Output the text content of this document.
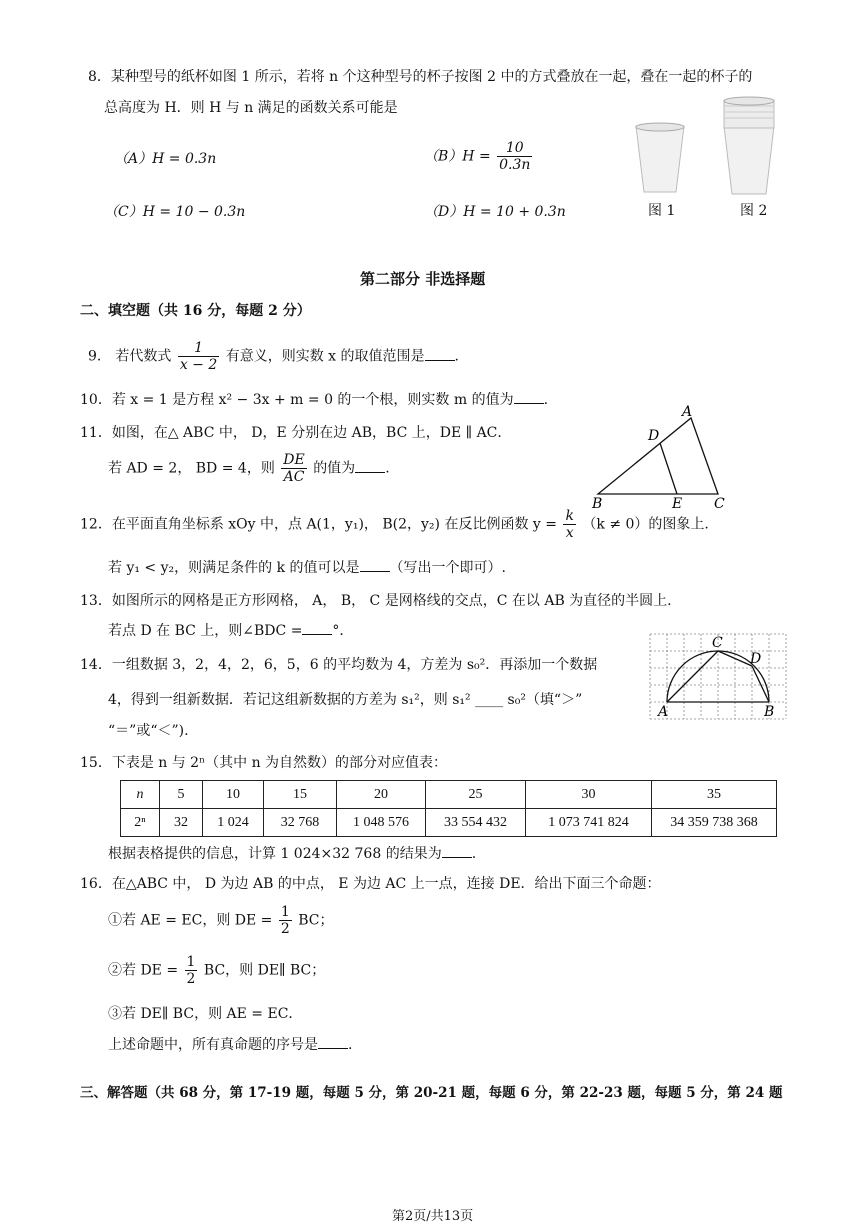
8．某种型号的纸杯如图 1 所示，若将 n 个这种型号的杯子按图 2 中的方式叠放在一起，叠在一起的杯子的
总高度为 H．则 H 与 n 满足的函数关系可能是
（A）H = 0.3n	$(B)H = \frac{10}{0.3n}$
（C）H = 10 − 0.3n	（D）H = 10 + 0.3n	图 1	图 2
第二部分 非选择题
二、填空题（共 16 分，每题 2 分）
9.　若代数式 $\frac{1}{x - 2}$ 有意义，则实数 x 的取值范围是 .
10．若 x = 1 是方程 x² − 3x + m = 0 的一个根，则实数 m 的值为 .
11．如图，在△ ABC 中， D，E 分别在边 AB，BC 上，DE ∥ AC．
若 AD = 2， BD = 4，则 $\frac{DE}{AC}$ 的值为 .
A
D
B	E C
12．在平面直角坐标系 xOy 中，点 A(1，y₁)， B(2，y₂) 在反比例函数 $y = \frac{k}{x} (k \ne 0)$的图象上.
若 y₁ < y₂，则满足条件的 k 的值可以是 （写出一个即可）.
13．如图所示的网格是正方形网格， A， B， C 是网格线的交点，C 在以 AB 为直径的半圆上.
若点 D 在 BC 上，则∠BDC = °．
C
D
A	B
14．一组数据 3，2，4，2，6，5，6 的平均数为 4，方差为 s₀²．再添加一个数据
4，得到一组新数据．若记这组新数据的方差为 s₁²，则 s₁² ____ s₀²（填“＞”
“＝”或“＜”).
15．下表是 n 与 2ⁿ（其中 n 为自然数）的部分对应值表：
n	5	10	15	20	25	30	35
2ⁿ	32	1 024	32 768	1 048 576	33 554 432	1 073 741 824	34 359 738 368
根据表格提供的信息，计算 1 024×32 768 的结果为 .
16．在△ABC 中， D 为边 AB 的中点， E 为边 AC 上一点，连接 DE．给出下面三个命题：
①若 AE = EC，则 DE = $\frac{1}{2}$ BC；
②若 DE = $\frac{1}{2}$ BC，则 DE∥ BC；
③若 DE∥ BC，则 AE = EC．
上述命题中，所有真命题的序号是 .
三、解答题（共 68 分，第 17-19 题，每题 5 分，第 20-21 题，每题 6 分，第 22-23 题，每题 5 分，第 24 题
第2页/共13页
